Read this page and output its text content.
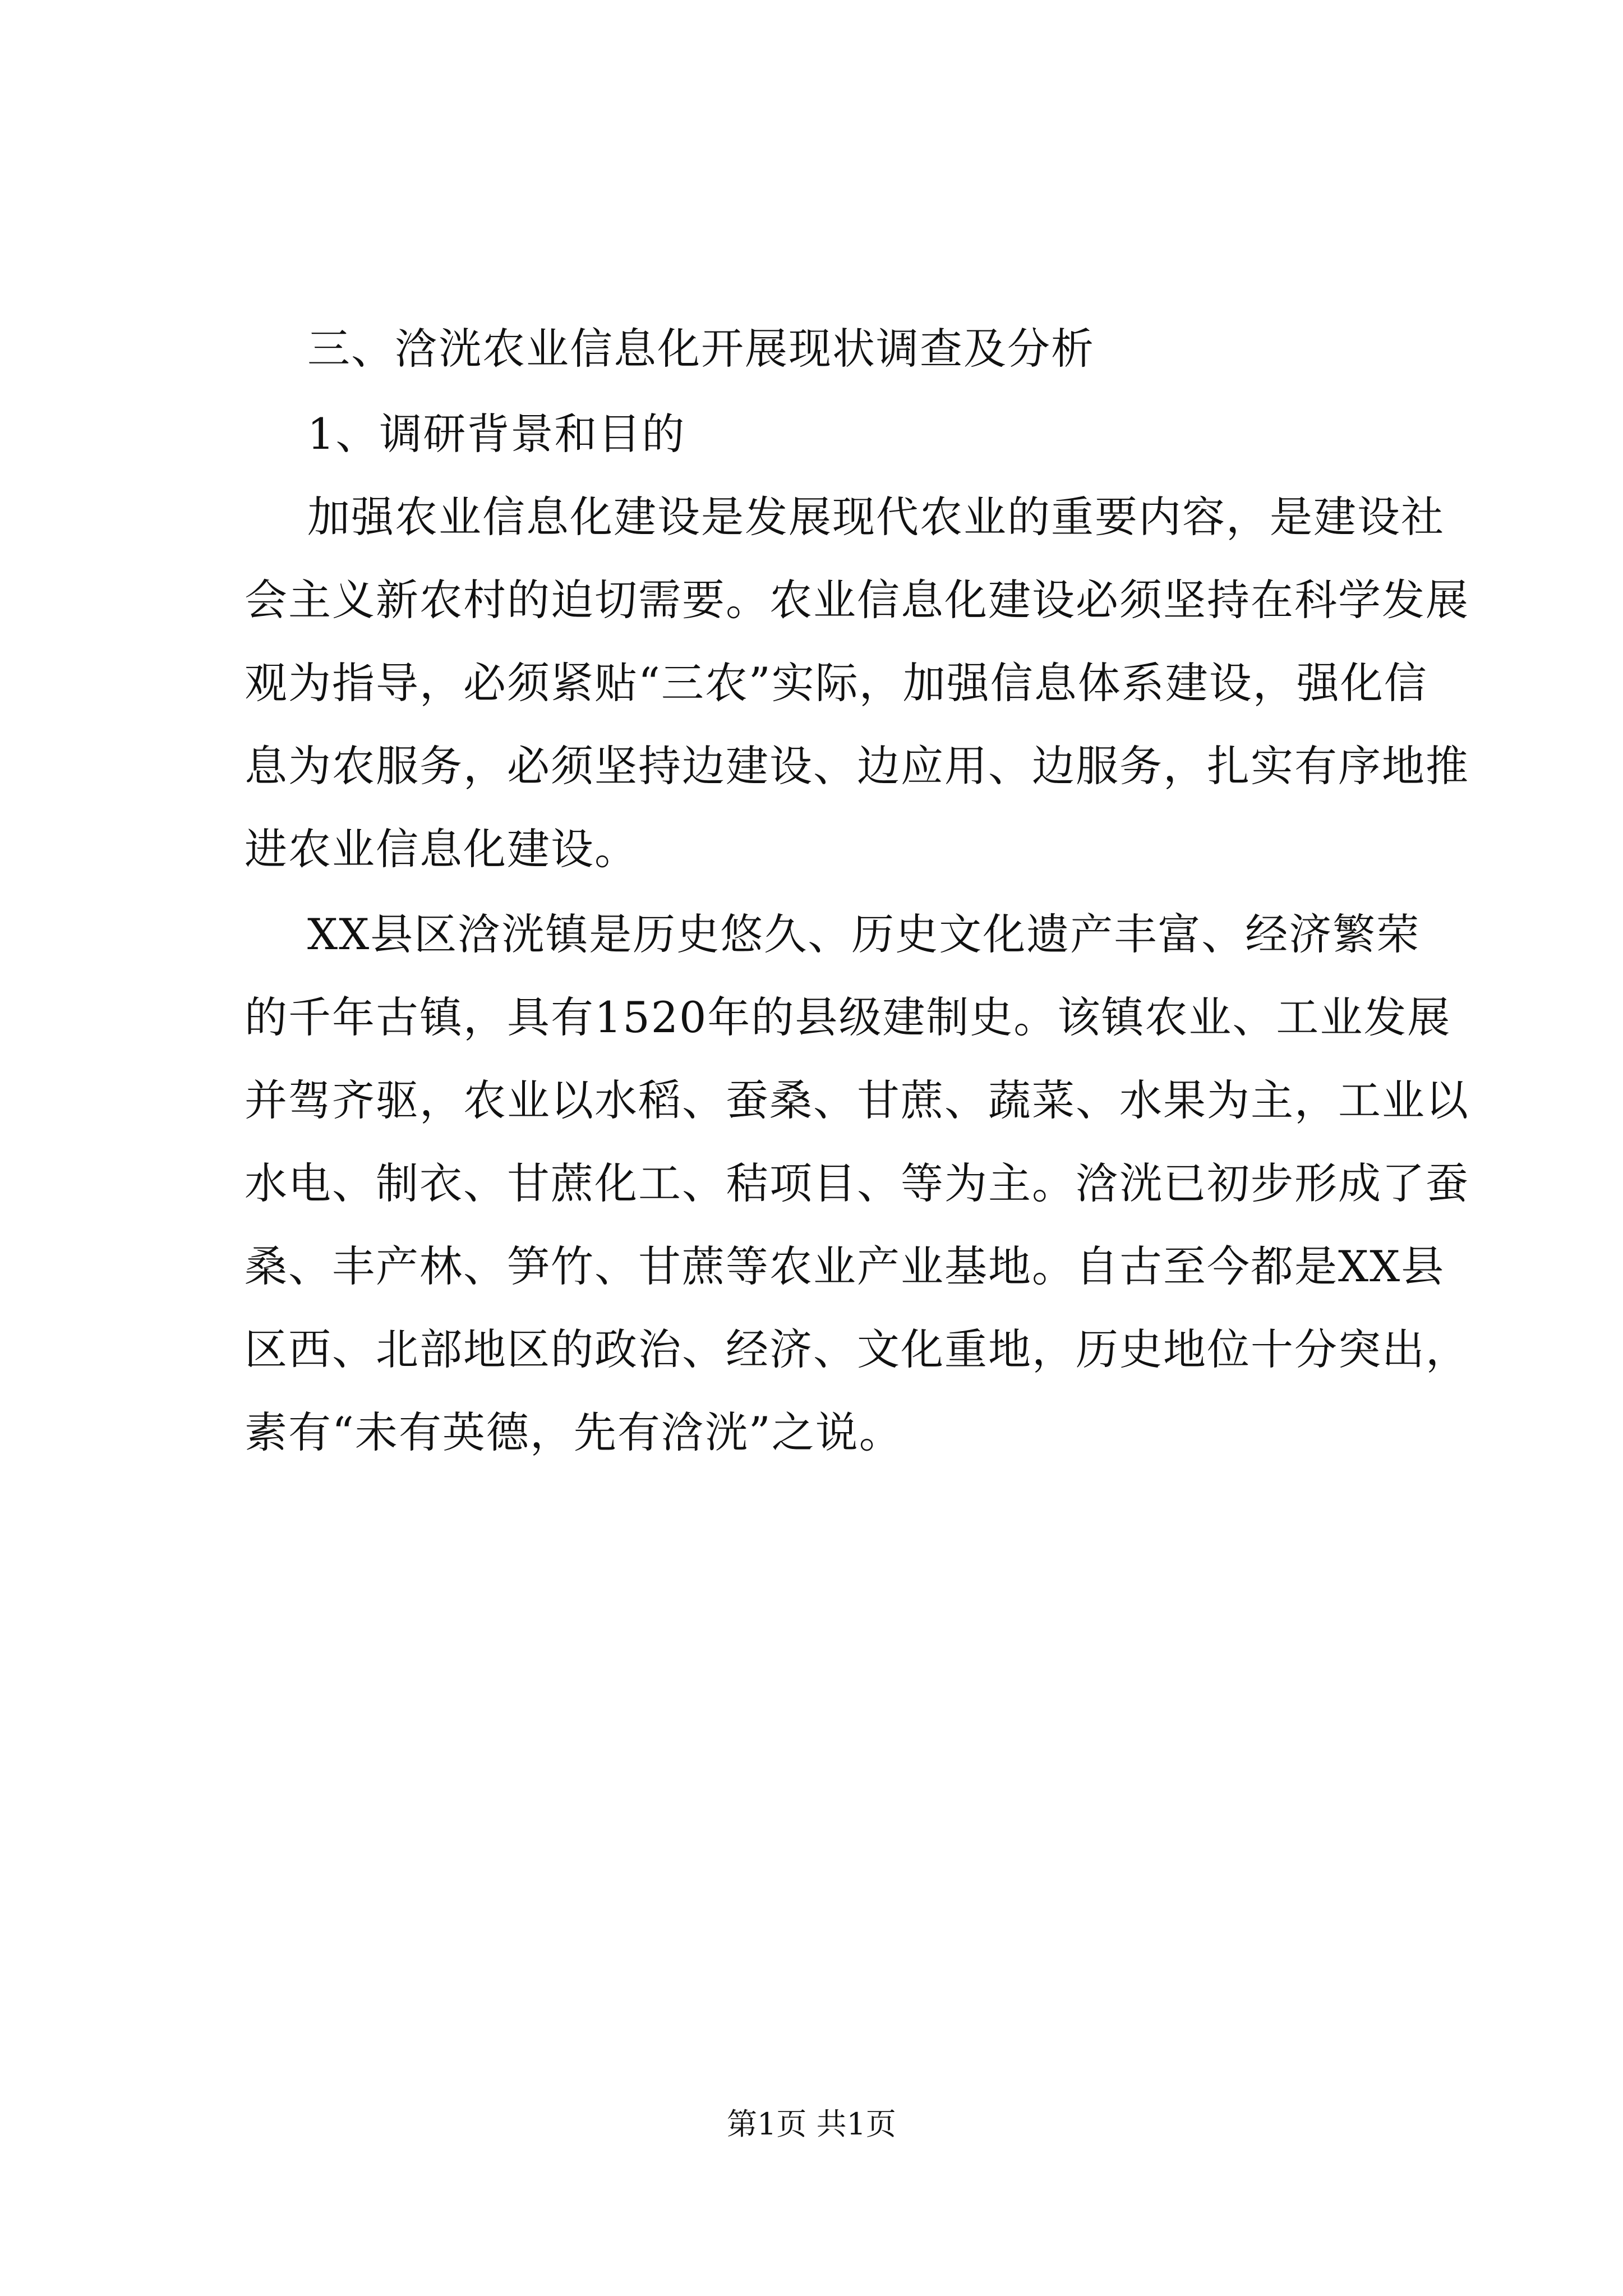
三、浛洸农业信息化开展现状调查及分析
1、调研背景和目的
加强农业信息化建设是发展现代农业的重要内容，是建设社
会主义新农村的迫切需要。农业信息化建设必须坚持在科学发展
观为指导，必须紧贴“三农”实际，加强信息体系建设，强化信
息为农服务，必须坚持边建设、边应用、边服务，扎实有序地推
进农业信息化建设。
XX县区浛洸镇是历史悠久、历史文化遗产丰富、经济繁荣
的千年古镇，具有1520年的县级建制史。该镇农业、工业发展
并驾齐驱，农业以水稻、蚕桑、甘蔗、蔬菜、水果为主，工业以
水电、制衣、甘蔗化工、秸项目、等为主。浛洸已初步形成了蚕
桑、丰产林、笋竹、甘蔗等农业产业基地。自古至今都是XX县
区西、北部地区的政治、经济、文化重地，历史地位十分突出，
素有“未有英德，先有浛洸”之说。
第1页 共1页
